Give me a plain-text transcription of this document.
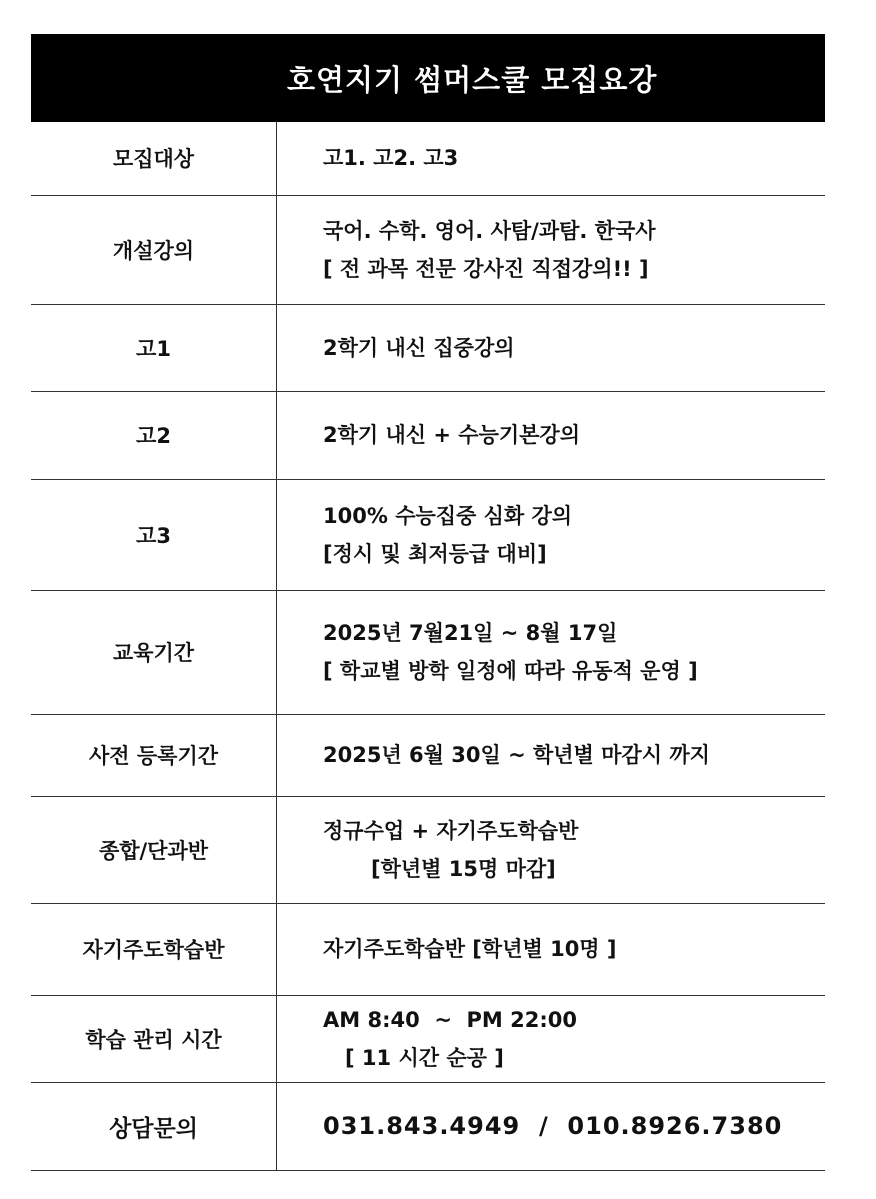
호연지기 썸머스쿨 모집요강
모집대상	고1. 고2. 고3

개설강의	국어. 수학. 영어. 사탐/과탐. 한국사
[ 전 과목 전문 강사진 직접강의!! ]

고1	2학기 내신 집중강의

고2	2학기 내신 + 수능기본강의

고3	100% 수능집중 심화 강의
[정시 및 최저등급 대비]

교육기간	2025년 7월21일 ~ 8월 17일
[ 학교별 방학 일정에 따라 유동적 운영 ]

사전 등록기간	2025년 6월 30일 ~ 학년별 마감시 까지

종합/단과반	정규수업 + 자기주도학습반
[학년별 15명 마감]

자기주도학습반	자기주도학습반 [학년별 10명 ]

학습 관리 시간	AM 8:40  ~  PM 22:00
[ 11 시간 순공 ]

상담문의	031.843.4949  /  010.8926.7380
